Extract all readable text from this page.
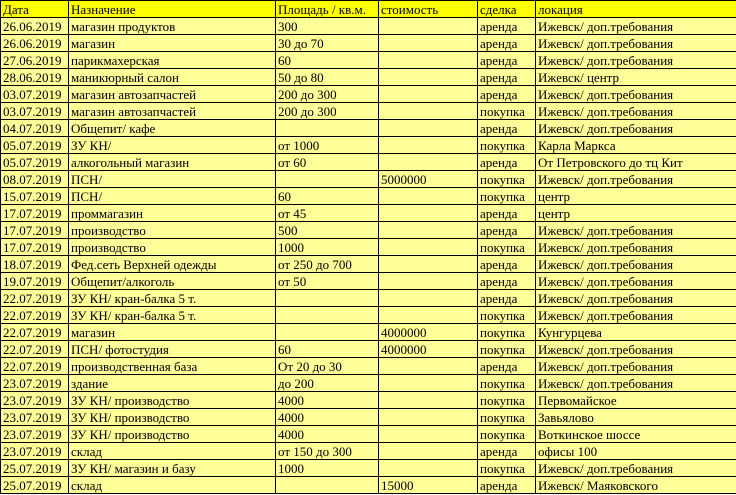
Дата	Назначение	Площадь / кв.м.	стоимость	сделка	локация
26.06.2019	магазин продуктов	300		аренда	Ижевск/ доп.требования
26.06.2019	магазин	30 до 70		аренда	Ижевск/ доп.требования
27.06.2019	парикмахерская	60		аренда	Ижевск/ доп.требования
28.06.2019	маникюрный салон	50 до 80		аренда	Ижевск/ центр
03.07.2019	магазин автозапчастей	200 до 300		аренда	Ижевск/ доп.требования
03.07.2019	магазин автозапчастей	200 до 300		покупка	Ижевск/ доп.требования
04.07.2019	Общепит/ кафе			аренда	Ижевск/ доп.требования
05.07.2019	ЗУ КН/	от 1000		покупка	Карла Маркса
05.07.2019	алкогольный магазин	от 60		аренда	От Петровского до тц Кит
08.07.2019	ПСН/		5000000	покупка	Ижевск/ доп.требования
15.07.2019	ПСН/	60		покупка	центр
17.07.2019	проммагазин	от 45		аренда	центр
17.07.2019	производство	500		аренда	Ижевск/ доп.требования
17.07.2019	производство	1000		покупка	Ижевск/ доп.требования
18.07.2019	Фед.сеть Верхней одежды	от 250 до 700		аренда	Ижевск/ доп.требования
19.07.2019	Общепит/алкоголь	от 50		аренда	Ижевск/ доп.требования
22.07.2019	ЗУ КН/ кран-балка 5 т.			аренда	Ижевск/ доп.требования
22.07.2019	ЗУ КН/ кран-балка 5 т.			покупка	Ижевск/ доп.требования
22.07.2019	магазин		4000000	покупка	Кунгурцева
22.07.2019	ПСН/ фотостудия	60	4000000	покупка	Ижевск/ доп.требования
22.07.2019	производственная база	От 20 до 30		аренда	Ижевск/ доп.требования
23.07.2019	здание	до 200		покупка	Ижевск/ доп.требования
23.07.2019	ЗУ КН/ производство	4000		покупка	Первомайское
23.07.2019	ЗУ КН/ производство	4000		покупка	Завьялово
23.07.2019	ЗУ КН/ производство	4000		покупка	Воткинское шоссе
23.07.2019	склад	от 150 до 300		аренда	офисы 100
25.07.2019	ЗУ КН/ магазин и базу	1000		покупка	Ижевск/ доп.требования
25.07.2019	склад		15000	аренда	Ижевск/ Маяковского
